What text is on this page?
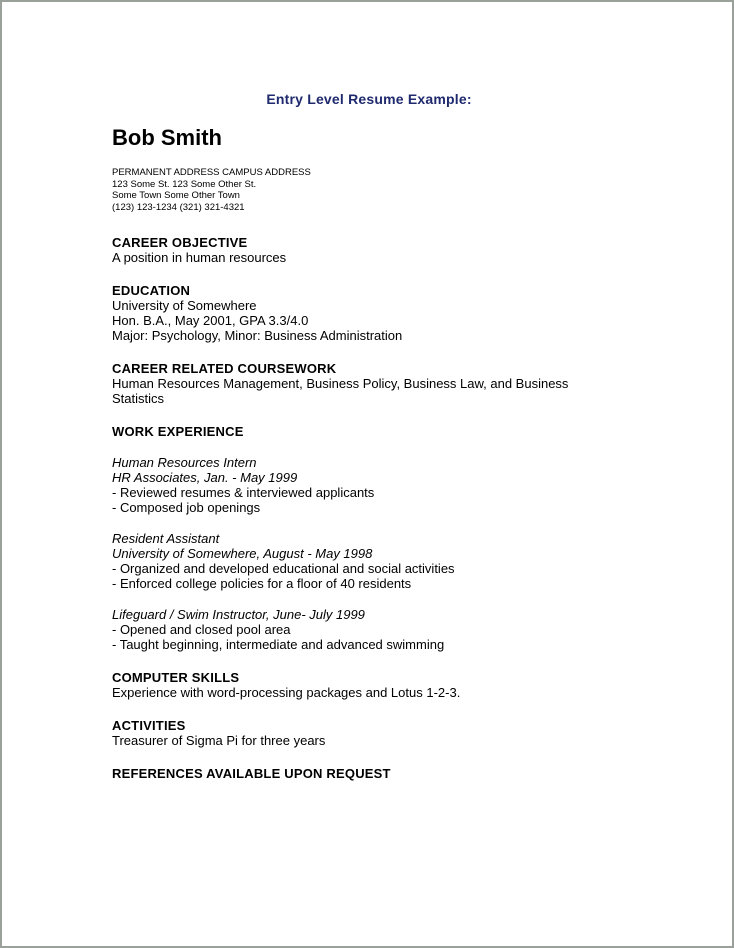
Entry Level Resume Example:
Bob Smith
PERMANENT ADDRESS CAMPUS ADDRESS
123 Some St. 123 Some Other St.
Some Town Some Other Town
(123) 123-1234 (321) 321-4321
CAREER OBJECTIVE
A position in human resources
EDUCATION
University of Somewhere
Hon. B.A., May 2001, GPA 3.3/4.0
Major: Psychology, Minor: Business Administration
CAREER RELATED COURSEWORK
Human Resources Management, Business Policy, Business Law, and Business
Statistics
WORK EXPERIENCE
Human Resources Intern
HR Associates, Jan. - May 1999
- Reviewed resumes & interviewed applicants
- Composed job openings
Resident Assistant
University of Somewhere, August - May 1998
- Organized and developed educational and social activities
- Enforced college policies for a floor of 40 residents
Lifeguard / Swim Instructor, June- July 1999
- Opened and closed pool area
- Taught beginning, intermediate and advanced swimming
COMPUTER SKILLS
Experience with word-processing packages and Lotus 1-2-3.
ACTIVITIES
Treasurer of Sigma Pi for three years
REFERENCES AVAILABLE UPON REQUEST
